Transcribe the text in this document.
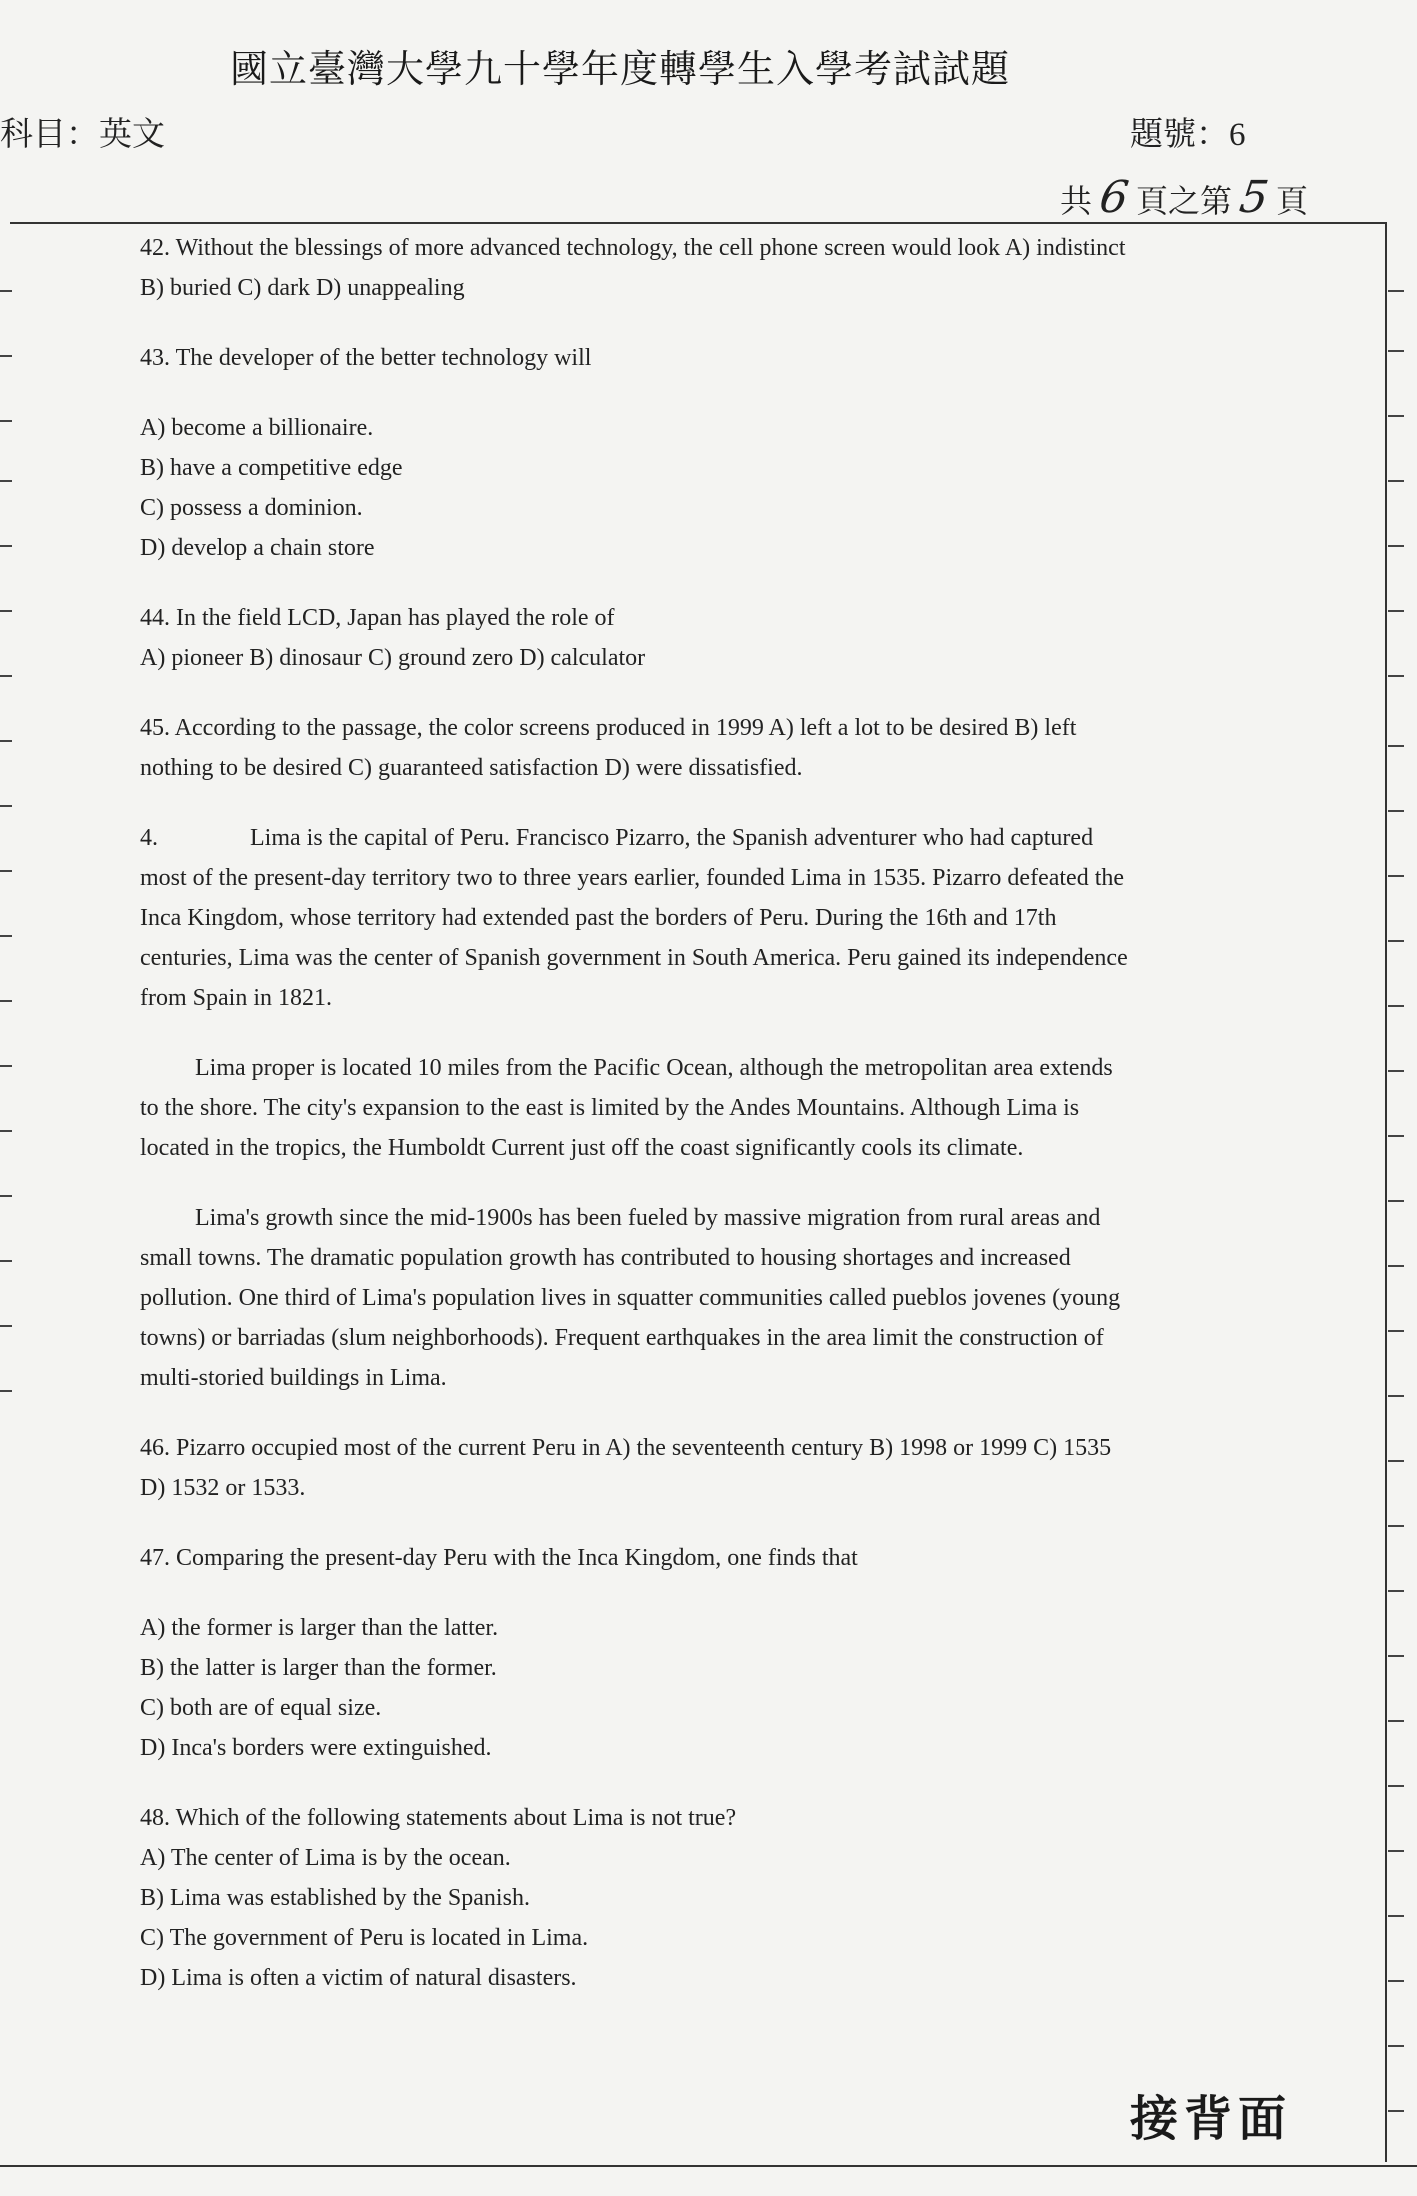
國立臺灣大學九十學年度轉學生入學考試試題
科目：英文	題號：6
共 6 頁之第 5 頁

42. Without the blessings of more advanced technology, the cell phone screen would look A) indistinct

B) buried C) dark D) unappealing

43. The developer of the better technology will

A) become a billionaire.

B) have a competitive edge

C) possess a dominion.

D) develop a chain store

44. In the field LCD, Japan has played the role of

A) pioneer B) dinosaur C) ground zero D) calculator

45. According to the passage, the color screens produced in 1999 A) left a lot to be desired B) left

nothing to be desired C) guaranteed satisfaction D) were dissatisfied.

4.	Lima is the capital of Peru. Francisco Pizarro, the Spanish adventurer who had captured

most of the present-day territory two to three years earlier, founded Lima in 1535. Pizarro defeated the

Inca Kingdom, whose territory had extended past the borders of Peru. During the 16th and 17th

centuries, Lima was the center of Spanish government in South America. Peru gained its independence

from Spain in 1821.

Lima proper is located 10 miles from the Pacific Ocean, although the metropolitan area extends

to the shore. The city's expansion to the east is limited by the Andes Mountains. Although Lima is

located in the tropics, the Humboldt Current just off the coast significantly cools its climate.

Lima's growth since the mid-1900s has been fueled by massive migration from rural areas and

small towns. The dramatic population growth has contributed to housing shortages and increased

pollution. One third of Lima's population lives in squatter communities called pueblos jovenes (young

towns) or barriadas (slum neighborhoods). Frequent earthquakes in the area limit the construction of

multi-storied buildings in Lima.

46. Pizarro occupied most of the current Peru in A) the seventeenth century B) 1998 or 1999 C) 1535

D) 1532 or 1533.

47. Comparing the present-day Peru with the Inca Kingdom, one finds that

A) the former is larger than the latter.

B) the latter is larger than the former.

C) both are of equal size.

D) Inca's borders were extinguished.

48. Which of the following statements about Lima is not true?

A) The center of Lima is by the ocean.

B) Lima was established by the Spanish.

C) The government of Peru is located in Lima.

D) Lima is often a victim of natural disasters.

接背面
